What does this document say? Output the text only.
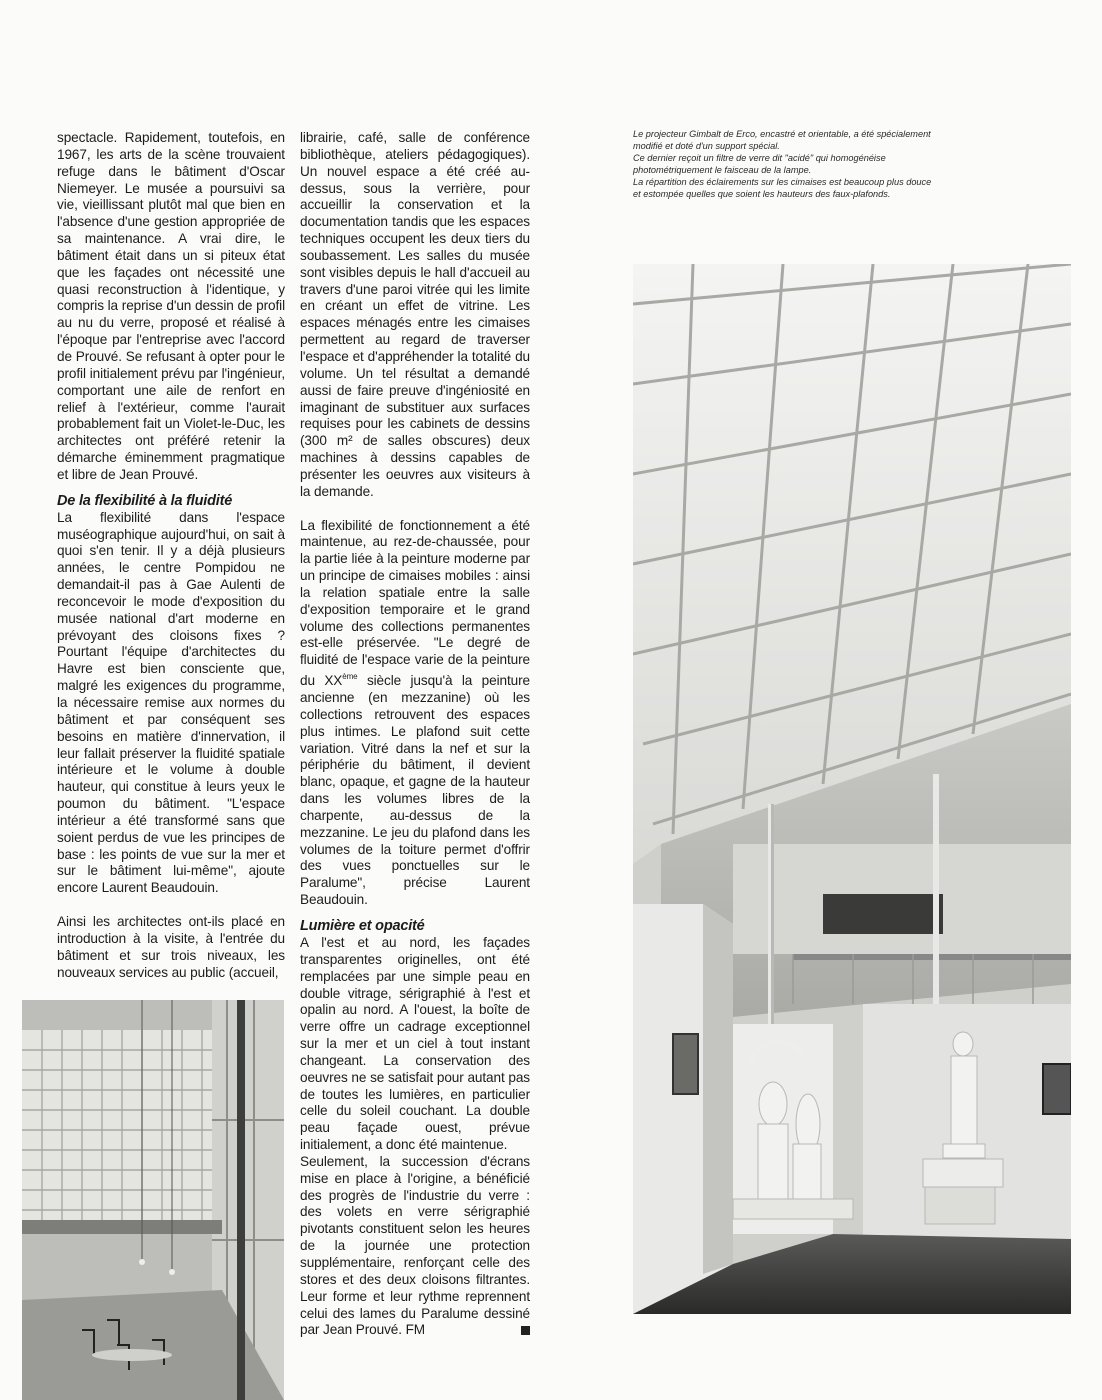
spectacle. Rapidement, toutefois, en 1967, les arts de la scène trouvaient refuge dans le bâtiment d'Oscar Niemeyer. Le musée a poursuivi sa vie, vieillissant plutôt mal que bien en l'absence d'une gestion appropriée de sa maintenance. A vrai dire, le bâtiment était dans un si piteux état que les façades ont nécessité une quasi reconstruction à l'identique, y compris la reprise d'un dessin de profil au nu du verre, proposé et réalisé à l'époque par l'entreprise avec l'accord de Prouvé. Se refusant à opter pour le profil initialement prévu par l'ingénieur, comportant une aile de renfort en relief à l'extérieur, comme l'aurait probablement fait un Violet-le-Duc, les architectes ont préféré retenir la démarche éminemment pragmatique et libre de Jean Prouvé.

De la flexibilité à la fluidité

La flexibilité dans l'espace muséographique aujourd'hui, on sait à quoi s'en tenir. Il y a déjà plusieurs années, le centre Pompidou ne demandait-il pas à Gae Aulenti de reconcevoir le mode d'exposition du musée national d'art moderne en prévoyant des cloisons fixes ? Pourtant l'équipe d'architectes du Havre est bien consciente que, malgré les exigences du programme, la nécessaire remise aux normes du bâtiment et par conséquent ses besoins en matière d'innervation, il leur fallait préserver la fluidité spatiale intérieure et le volume à double hauteur, qui constitue à leurs yeux le poumon du bâtiment. "L'espace intérieur a été transformé sans que soient perdus de vue les principes de base : les points de vue sur la mer et sur le bâtiment lui-même", ajoute encore Laurent Beaudouin.

Ainsi les architectes ont-ils placé en introduction à la visite, à l'entrée du bâtiment et sur trois niveaux, les nouveaux services au public (accueil,

librairie, café, salle de conférence bibliothèque, ateliers pédagogiques). Un nouvel espace a été créé au-dessus, sous la verrière, pour accueillir la conservation et la documentation tandis que les espaces techniques occupent les deux tiers du soubassement. Les salles du musée sont visibles depuis le hall d'accueil au travers d'une paroi vitrée qui les limite en créant un effet de vitrine. Les espaces ménagés entre les cimaises permettent au regard de traverser l'espace et d'appréhender la totalité du volume. Un tel résultat a demandé aussi de faire preuve d'ingéniosité en imaginant de substituer aux surfaces requises pour les cabinets de dessins (300 m² de salles obscures) deux machines à dessins capables de présenter les oeuvres aux visiteurs à la demande.

La flexibilité de fonctionnement a été maintenue, au rez-de-chaussée, pour la partie liée à la peinture moderne par un principe de cimaises mobiles : ainsi la relation spatiale entre la salle d'exposition temporaire et le grand volume des collections permanentes est-elle préservée. "Le degré de fluidité de l'espace varie de la peinture du XXème siècle jusqu'à la peinture ancienne (en mezzanine) où les collections retrouvent des espaces plus intimes. Le plafond suit cette variation. Vitré dans la nef et sur la périphérie du bâtiment, il devient blanc, opaque, et gagne de la hauteur dans les volumes libres de la charpente, au-dessus de la mezzanine. Le jeu du plafond dans les volumes de la toiture permet d'offrir des vues ponctuelles sur le Paralume", précise Laurent Beaudouin.

Lumière et opacité

A l'est et au nord, les façades transparentes originelles, ont été remplacées par une simple peau en double vitrage, sérigraphié à l'est et opalin au nord. A l'ouest, la boîte de verre offre un cadrage exceptionnel sur la mer et un ciel à tout instant changeant. La conservation des oeuvres ne se satisfait pour autant pas de toutes les lumières, en particulier celle du soleil couchant. La double peau façade ouest, prévue initialement, a donc été maintenue.

Seulement, la succession d'écrans mise en place à l'origine, a bénéficié des progrès de l'industrie du verre : des volets en verre sérigraphié pivotants constituent selon les heures de la journée une protection supplémentaire, renforçant celle des stores et des deux cloisons filtrantes. Leur forme et leur rythme reprennent celui des lames du Paralume dessiné par Jean Prouvé. FM

Le projecteur Gimbalt de Erco, encastré et orientable, a été spécialement

modifié et doté d'un support spécial.

Ce dernier reçoit un filtre de verre dit "acidé" qui homogénéise

photométriquement le faisceau de la lampe.

La répartition des éclairements sur les cimaises est beaucoup plus douce

et estompée quelles que soient les hauteurs des faux-plafonds.
